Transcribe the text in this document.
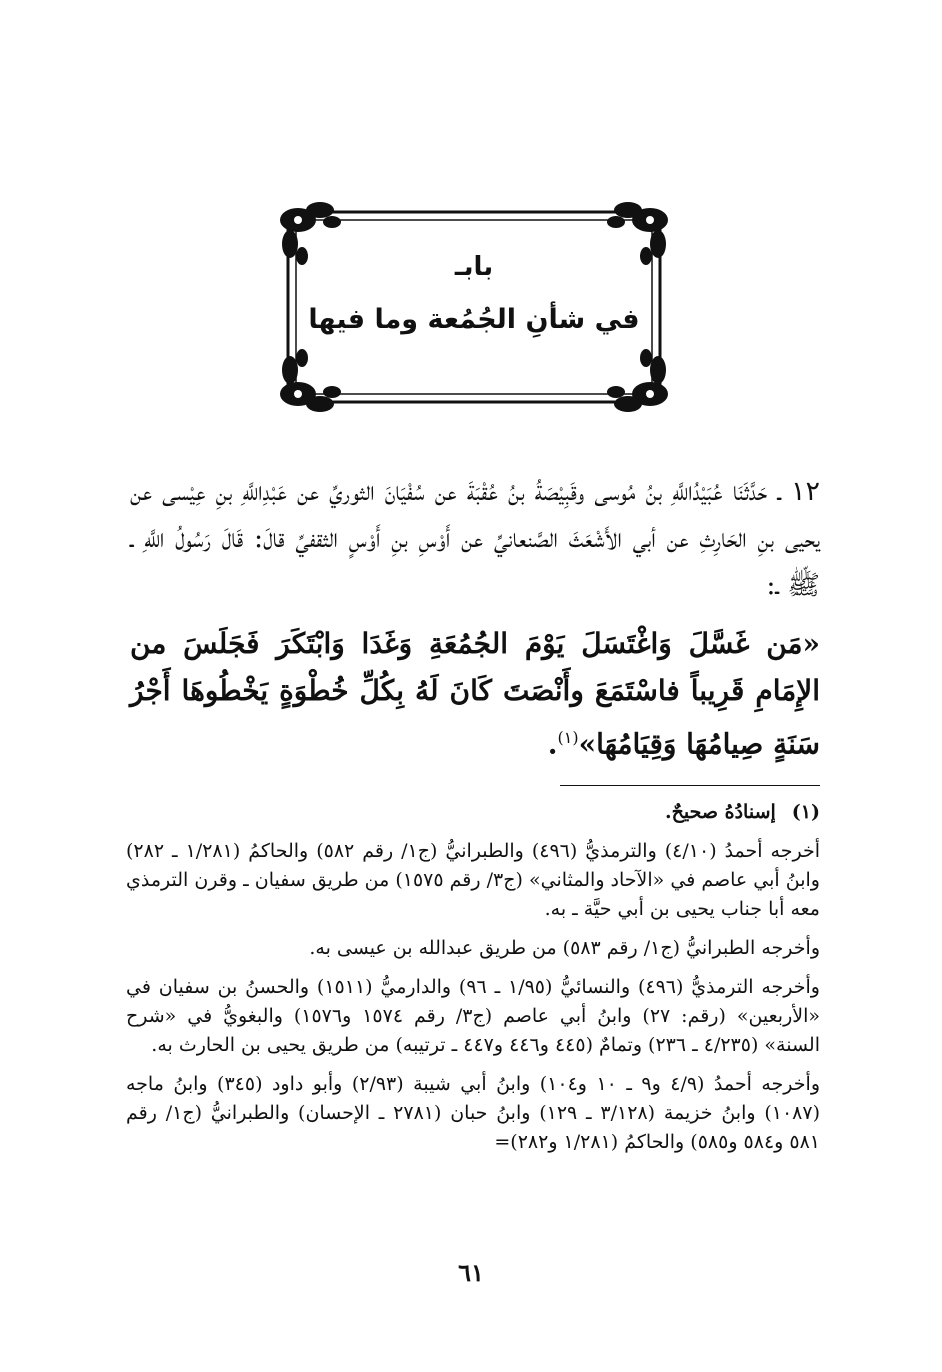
بابـ
في شأنِ الجُمُعة وما فيها

١٢ ـ حَدَّثَنَا عُبَيْدُاللَّهِ بنُ مُوسى وقَبِيْصَةُ بنُ عُقْبَةَ عن سُفْيَانَ الثوريِّ عن عَبْدِاللَّهِ بنِ عِيْسى عن يحيى بنِ الحَارِثِ عن أبي الأَشْعَثَ الصَّنعانيِّ عن أَوْسِ بنِ أَوْسٍ الثقفيِّ قالَ: قَالَ رَسُولُ اللَّهِ ـ ﷺ ـ:

«مَن غَسَّلَ وَاغْتَسَلَ يَوْمَ الجُمُعَةِ وَغَدَا وَابْتَكَرَ فَجَلَسَ من الإِمَامِ قَرِيباً فاسْتَمَعَ وأَنْصَتَ كَانَ لَهُ بِكُلِّ خُطْوَةٍ يَخْطُوهَا أَجْرُ سَنَةٍ صِيامُهَا وَقِيَامُهَا»$^{(١)}$.

(١)إسنادُهُ صحيحٌ.

أخرجه أحمدُ (٤/١٠) والترمذيُّ (٤٩٦) والطبرانيُّ (ج١/ رقم ٥٨٢) والحاكمُ (١/٢٨١ ـ ٢٨٢) وابنُ أبي عاصم في «الآحاد والمثاني» (ج٣/ رقم ١٥٧٥) من طريق سفيان ـ وقرن الترمذي معه أبا جناب يحيى بن أبي حيَّة ـ به.

وأخرجه الطبرانيُّ (ج١/ رقم ٥٨٣) من طريق عبدالله بن عيسى به.

وأخرجه الترمذيُّ (٤٩٦) والنسائيُّ (١/٩٥ ـ ٩٦) والدارميُّ (١٥١١) والحسنُ بن سفيان في «الأربعين» (رقم: ٢٧) وابنُ أبي عاصم (ج٣/ رقم ١٥٧٤ و١٥٧٦) والبغويُّ في «شرح السنة» (٤/٢٣٥ ـ ٢٣٦) وتمامٌ (٤٤٥ و٤٤٦ و٤٤٧ ـ ترتيبه) من طريق يحيى بن الحارث به.

وأخرجه أحمدُ (٤/٩ و٩ ـ ١٠ و١٠٤) وابنُ أبي شيبة (٢/٩٣) وأبو داود (٣٤٥) وابنُ ماجه (١٠٨٧) وابنُ خزيمة (٣/١٢٨ ـ ١٢٩) وابنُ حبان (٢٧٨١ ـ الإحسان) والطبرانيُّ (ج١/ رقم ٥٨١ و٥٨٤ و٥٨٥) والحاكمُ (١/٢٨١ و٢٨٢)=

٦١
